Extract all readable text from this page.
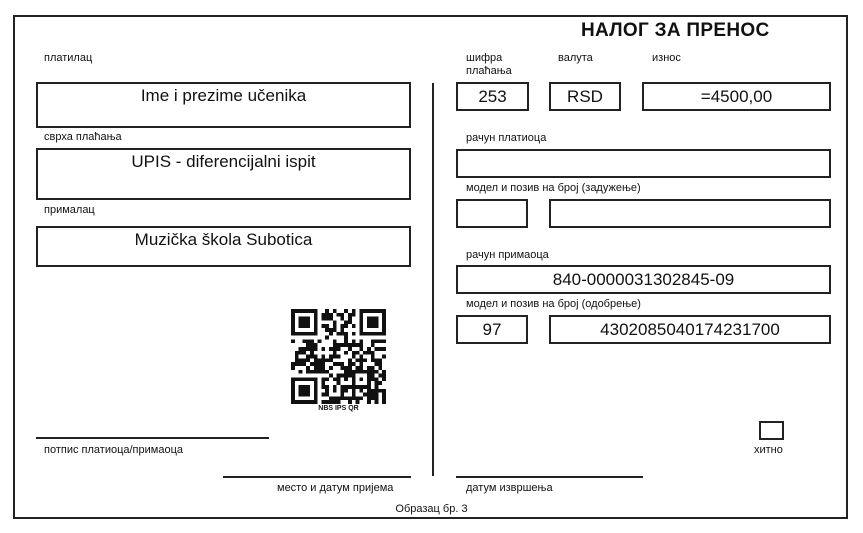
НАЛОГ ЗА ПРЕНОС
платилац
Ime i prezime učenika
сврха плаћања
UPIS - diferencijalni ispit
прималац
Muzička škola Subotica
NBS IPS QR
потпис платиоца/примаоца
место и датум пријема
шифра
плаћања
валута	износ
253	RSD	=4500,00
рачун платиоца
модел и позив на број (задужење)
рачун примаоца
840-0000031302845-09
модел и позив на број (одобрење)
97	4302085040174231700
хитно
датум извршења
Образац бр. 3
